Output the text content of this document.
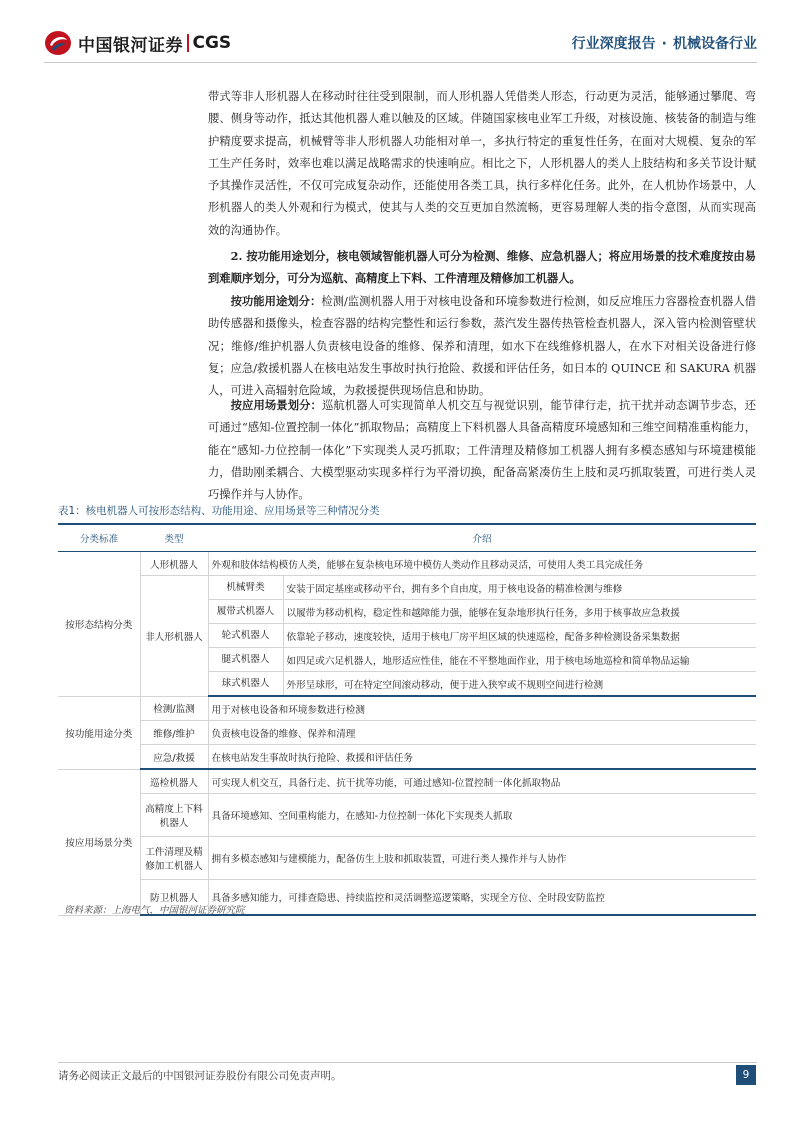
中国银河证券 CGS	行业深度报告 · 机械设备行业
带式等非人形机器人在移动时往往受到限制，而人形机器人凭借类人形态，行动更为灵活，能够通过攀爬、弯腰、侧身等动作，抵达其他机器人难以触及的区域。伴随国家核电业军工升级，对核设施、核装备的制造与维护精度要求提高，机械臂等非人形机器人功能相对单一，多执行特定的重复性任务，在面对大规模、复杂的军工生产任务时，效率也难以满足战略需求的快速响应。相比之下，人形机器人的类人上肢结构和多关节设计赋予其操作灵活性，不仅可完成复杂动作，还能使用各类工具，执行多样化任务。此外，在人机协作场景中，人形机器人的类人外观和行为模式，使其与人类的交互更加自然流畅，更容易理解人类的指令意图，从而实现高效的沟通协作。
2. 按功能用途划分，核电领域智能机器人可分为检测、维修、应急机器人；将应用场景的技术难度按由易到难顺序划分，可分为巡航、高精度上下料、工件清理及精修加工机器人。
按功能用途划分：检测/监测机器人用于对核电设备和环境参数进行检测，如反应堆压力容器检查机器人借助传感器和摄像头，检查容器的结构完整性和运行参数，蒸汽发生器传热管检查机器人，深入管内检测管壁状况；维修/维护机器人负责核电设备的维修、保养和清理，如水下在线维修机器人，在水下对相关设备进行修复；应急/救援机器人在核电站发生事故时执行抢险、救援和评估任务，如日本的 QUINCE 和 SAKURA 机器人，可进入高辐射危险域，为救援提供现场信息和协助。
按应用场景划分：巡航机器人可实现简单人机交互与视觉识别，能节律行走，抗干扰并动态调节步态，还可通过“感知-位置控制一体化”抓取物品；高精度上下料机器人具备高精度环境感知和三维空间精准重构能力，能在“感知-力位控制一体化”下实现类人灵巧抓取；工件清理及精修加工机器人拥有多模态感知与环境建模能力，借助刚柔耦合、大模型驱动实现多样行为平滑切换，配备高紧凑仿生上肢和灵巧抓取装置，可进行类人灵巧操作并与人协作。
表1：核电机器人可按形态结构、功能用途、应用场景等三种情况分类
分类标准	类型 介绍	

按形态结构分类	人形机器人	外观和肢体结构模仿人类，能够在复杂核电环境中模仿人类动作且移动灵活，可使用人类工具完成任务
	非人形机器人	机械臂类 安装于固定基座或移动平台，拥有多个自由度，用于核电设备的精准检测与维修

		履带式机器人 以履带为移动机构，稳定性和越障能力强，能够在复杂地形执行任务，多用于核事故应急救援

		轮式机器人 依靠轮子移动，速度较快，适用于核电厂房平坦区域的快速巡检，配备多种检测设备采集数据

		腿式机器人 如四足或六足机器人，地形适应性佳，能在不平整地面作业，用于核电场地巡检和简单物品运输

		球式机器人 外形呈球形，可在特定空间滚动移动，便于进入狭窄或不规则空间进行检测

按功能用途分类	检测/监测	用于对核电设备和环境参数进行检测
	维修/维护	负责核电设备的维修、保养和清理
	应急/救援	在核电站发生事故时执行抢险、救援和评估任务
按应用场景分类	巡检机器人	可实现人机交互，具备行走、抗干扰等功能，可通过感知-位置控制一体化抓取物品
	高精度上下料机器人	具备环境感知、空间重构能力，在感知-力位控制一体化下实现类人抓取
	工件清理及精修加工机器人	拥有多模态感知与建模能力，配备仿生上肢和抓取装置，可进行类人操作并与人协作
	防卫机器人	具备多感知能力，可排查隐患、持续监控和灵活调整巡逻策略，实现全方位、全时段安防监控
资料来源：上海电气，中国银河证券研究院
请务必阅读正文最后的中国银河证券股份有限公司免责声明。	9
